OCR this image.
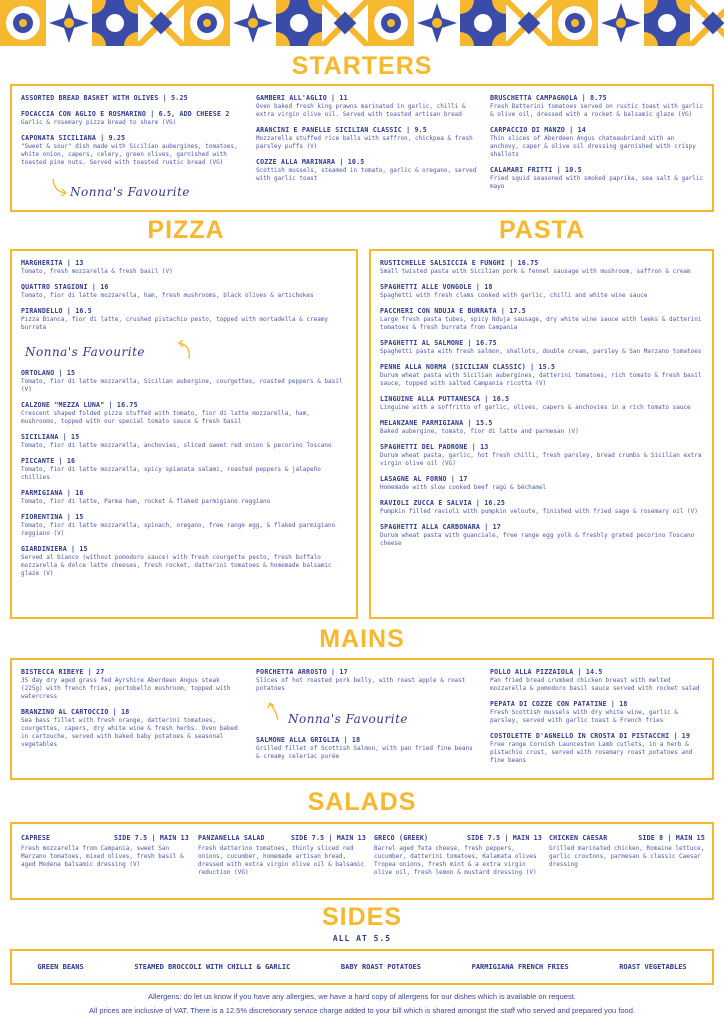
STARTERS
ASSORTED BREAD BASKET WITH OLIVES | 5.25
FOCACCIA CON AGLIO E ROSMARINO | 6.5, ADD CHEESE 2
Garlic & rosemary pizza bread to share (VG)
CAPONATA SICILIANA | 9.25
"Sweet & sour" dish made with Sicilian aubergines, tomatoes, white onion, capers, celery, green olives, garnished with toasted pine nuts. Served with toasted rustic bread (VG)
GAMBERI ALL'AGLIO | 11
Oven baked fresh king prawns marinated in garlic, chilli & extra virgin olive oil. Served with toasted artisan bread
ARANCINI E PANELLE SICILIAN CLASSIC | 9.5
Mozzarella stuffed rice balls with saffron, chickpea & fresh parsley puffs (V)
COZZE ALLA MARINARA | 10.5
Scottish mussels, steamed in tomato, garlic & oregano, served with garlic toast
BRUSCHETTA CAMPAGNOLA | 8.75
Fresh Datterini tomatoes served on rustic toast with garlic & olive oil, dressed with a rocket & balsamic glaze (VG)
CARPACCIO DI MANZO | 14
Thin slices of Aberdeen Angus chateaubriand with an anchovy, caper & olive oil dressing garnished with crispy shallots
CALAMARI FRITTI | 10.5
Fried squid seasoned with smoked paprika, sea salt & garlic mayo
Nonna's Favourite
PIZZA	PASTA
MARGHERITA | 13
Tomato, fresh mozzarella & fresh basil (V)
QUATTRO STAGIONI | 16
Tomato, fior di latte mozzarella, ham, fresh mushrooms, black olives & artichokes
PIRANDELLO | 16.5
Pizza Bianca, fior di latte, crushed pistachio pesto, topped with mortadella & creamy burrata
Nonna's Favourite
ORTOLANO | 15
Tomato, fior di latte mozzarella, Sicilian aubergine, courgettes, roasted peppers & basil (V)
CALZONE "MEZZA LUNA" | 16.75
Crescent shaped folded pizza stuffed with tomato, fior di latte mozzarella, ham, mushrooms, topped with our special tomato sauce & fresh basil
SICILIANA | 15
Tomato, fior di latte mozzarella, anchovies, sliced sweet red onion & pecorino Toscano
PICCANTE | 16
Tomato, fior di latte mozzarella, spicy spianata salami, roasted peppers & jalapeño chillies
PARMIGIANA | 16
Tomato, fior di latte, Parma ham, rocket & flaked parmigiano reggiano
FIORENTINA | 15
Tomato, fior di latte mozzarella, spinach, oregano, free range egg, & flaked parmigiano reggiano (V)
GIARDINIERA | 15
Served al bianco (without pomodoro sauce) with fresh courgette pesto, fresh buffalo mozzarella & dolce latte cheeses, fresh rocket, datterini tomatoes & homemade balsamic glaze (V)
RUSTICHELLE SALSICCIA E FUNGHI | 16.75
Small twisted pasta with Sicilian pork & fennel sausage with mushroom, saffron & cream
SPAGHETTI ALLE VONGOLE | 18
Spaghetti with fresh clams cooked with garlic, chilli and white wine sauce
PACCHERI CON NDUJA E BURRATA | 17.5
Large fresh pasta tubes, spicy Nduja sausage, dry white wine sauce with leeks & datterini tomatoes & fresh burrata from Campania
SPAGHETTI AL SALMONE | 16.75
Spaghetti pasta with fresh salmon, shallots, double cream, parsley & San Marzano tomatoes
PENNE ALLA NORMA (SICILIAN CLASSIC) | 15.5
Durum wheat pasta with Sicilian aubergines, datterini tomatoes, rich tomato & fresh basil sauce, topped with salted Campania ricotta (V)
LINGUINE ALLA PUTTANESCA | 16.5
Linguine with a soffritto of garlic, olives, capers & anchovies in a rich tomato sauce
MELANZANE PARMIGIANA | 15.5
Baked aubergine, tomato, fior di latte and parmesan (V)
SPAGHETTI DEL PADRONE | 13
Durum wheat pasta, garlic, hot fresh chilli, fresh parsley, bread crumbs & Sicilian extra virgin olive oil (VG)
LASAGNE AL FORNO | 17
Homemade with slow cooked beef ragù & béchamel
RAVIOLI ZUCCA E SALVIA | 16.25
Pumpkin filled ravioli with pumpkin veloute, finished with fried sage & rosemary oil (V)
SPAGHETTI ALLA CARBONARA | 17
Durum wheat pasta with guanciale, free range egg yolk & freshly grated pecorino Toscano cheese
MAINS
BISTECCA RIBEYE | 27
35 day dry aged grass fed Ayrshire Aberdeen Angus steak (225g) with french fries, portobello mushroom, topped with watercress
BRANZINO AL CARTOCCIO | 18
Sea bass fillet with fresh orange, datterini tomatoes, courgettes, capers, dry white wine & fresh herbs. Oven baked in cartouche, served with baked baby potatoes & seasonal vegetables
PORCHETTA ARROSTO | 17
Slices of hot roasted pork belly, with roast apple & roast potatoes
Nonna's Favourite
SALMONE ALLA GRIGLIA | 18
Grilled fillet of Scottish Salmon, with pan fried fine beans & creamy celeriac purée
POLLO ALLA PIZZAIOLA | 14.5
Pan fried bread crumbed chicken breast with melted mozzarella & pomodoro basil sauce served with rocket salad
PEPATA DI COZZE CON PATATINE | 18
Fresh Scottish mussels with dry white wine, garlic & parsley, served with garlic toast & French fries
COSTOLETTE D'AGNELLO IN CROSTA DI PISTACCHI | 19
Free range Cornish Launceston Lamb cutlets, in a herb & pistachio crust, served with rosemary roast potatoes and fine beans
SALADS
CAPRESE	SIDE 7.5 | MAIN 13
Fresh mozzarella from Campania, sweet San Marzano tomatoes, mixed olives, fresh basil & aged Modena balsamic dressing (V)
PANZANELLA SALAD	SIDE 7.5 | MAIN 13
Fresh datterino tomatoes, thinly sliced red onions, cucumber, homemade artisan bread, dressed with extra virgin olive oil & balsamic reduction (VG)
GRECO (GREEK)	SIDE 7.5 | MAIN 13
Barrel aged feta cheese, fresh peppers, cucumber, datterini tomatoes, Kalamata olives Tropea onions, fresh mint & a extra virgin olive oil, fresh lemon & mustard dressing (V)
CHICKEN CAESAR	SIDE 8 | MAIN 15
Grilled marinated chicken, Romaine lettuce, garlic croutons, parmesan & classic Caesar dressing
SIDES
ALL AT 5.5
GREEN BEANS	STEAMED BROCCOLI WITH CHILLI & GARLIC	BABY ROAST POTATOES	PARMIGIANA FRENCH FRIES	ROAST VEGETABLES
Allergens: do let us know if you have any allergies, we have a hard copy of allergens for our dishes which is available on request.
All prices are inclusive of VAT. There is a 12.5% discretionary service charge added to your bill which is shared amongst the staff who served and prepared you food.
